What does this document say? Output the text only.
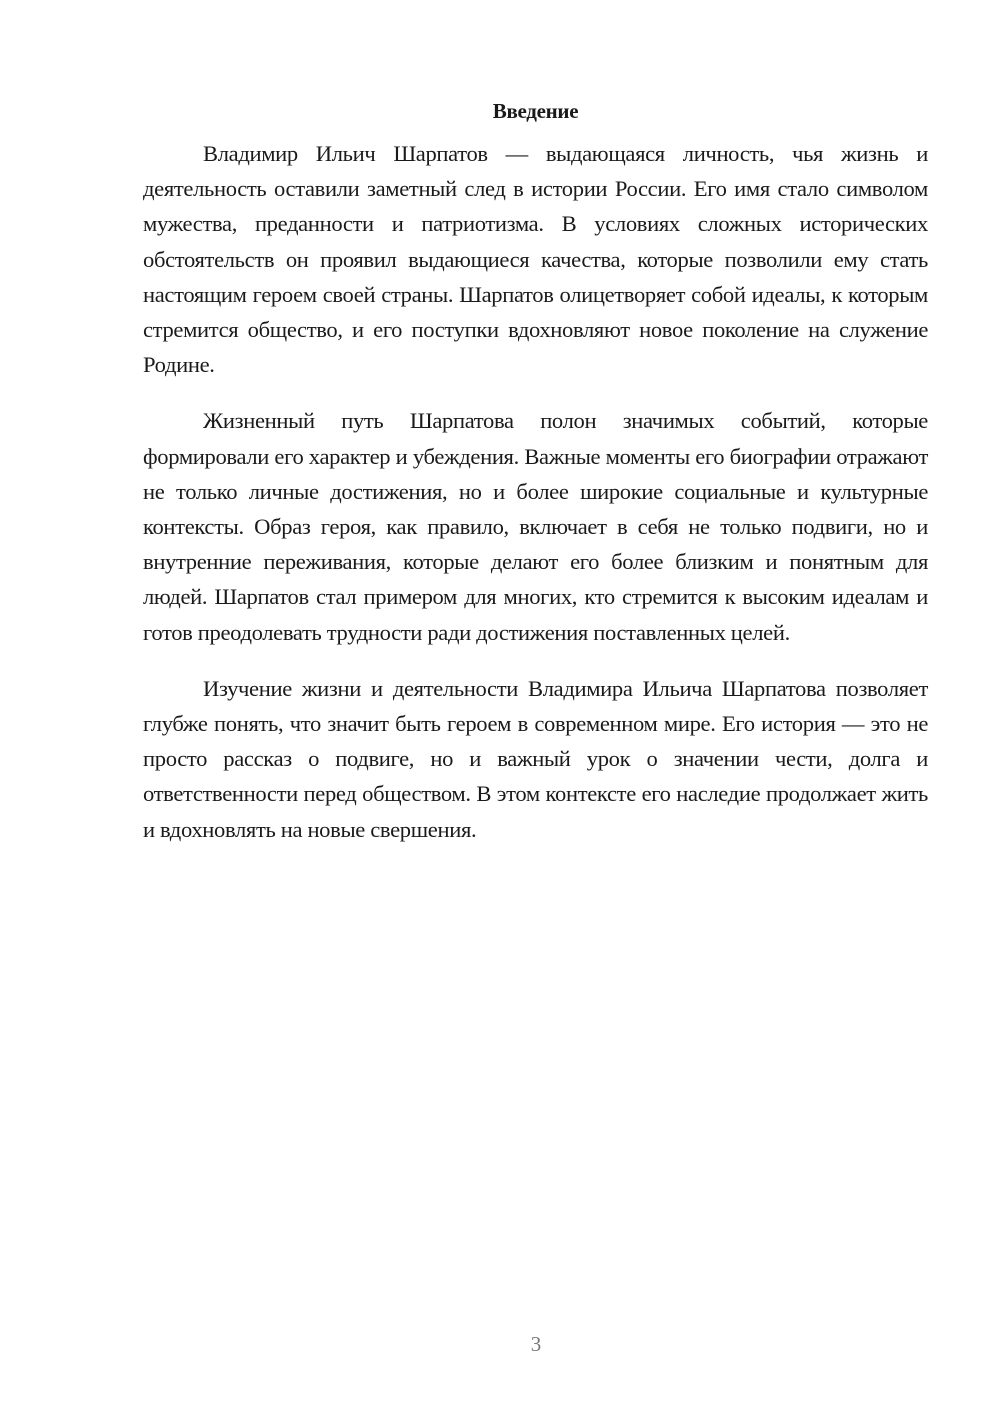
Введение

Владимир Ильич Шарпатов — выдающаяся личность, чья жизнь и деятельность оставили заметный след в истории России. Его имя стало символом мужества, преданности и патриотизма. В условиях сложных исторических обстоятельств он проявил выдающиеся качества, которые позволили ему стать настоящим героем своей страны. Шарпатов олицетворяет собой идеалы, к которым стремится общество, и его поступки вдохновляют новое поколение на служение Родине.

Жизненный путь Шарпатова полон значимых событий, которые формировали его характер и убеждения. Важные моменты его биографии отражают не только личные достижения, но и более широкие социальные и культурные контексты. Образ героя, как правило, включает в себя не только подвиги, но и внутренние переживания, которые делают его более близким и понятным для людей. Шарпатов стал примером для многих, кто стремится к высоким идеалам и готов преодолевать трудности ради достижения поставленных целей.

Изучение жизни и деятельности Владимира Ильича Шарпатова позволяет глубже понять, что значит быть героем в современном мире. Его история — это не просто рассказ о подвиге, но и важный урок о значении чести, долга и ответственности перед обществом. В этом контексте его наследие продолжает жить и вдохновлять на новые свершения.

3
